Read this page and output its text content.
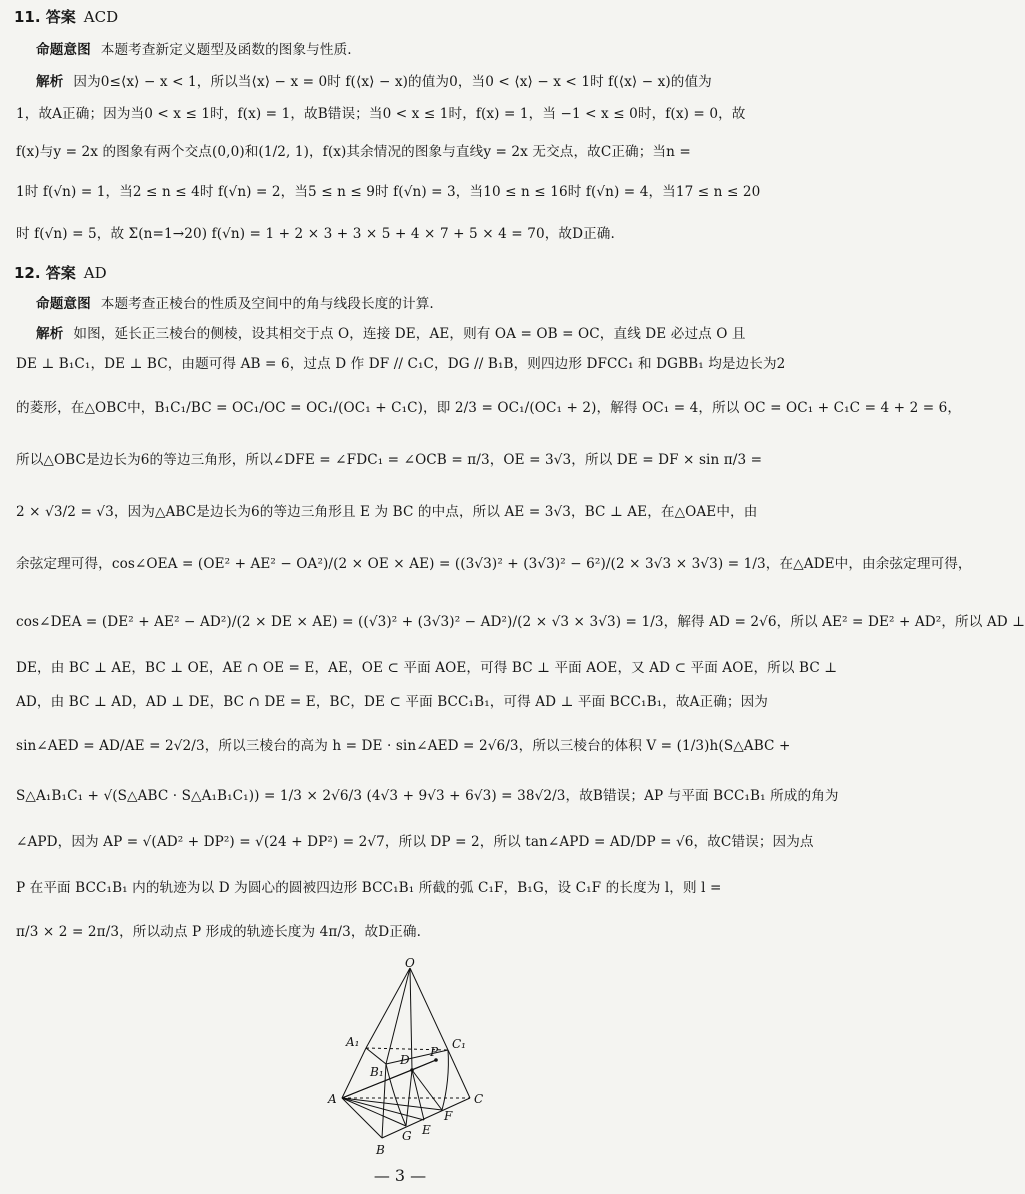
11. 答案 ACD
命题意图 本题考查新定义题型及函数的图象与性质.
解析 因为0≤⟨x⟩ − x < 1，所以当⟨x⟩ − x = 0时 f(⟨x⟩ − x)的值为0，当0 < ⟨x⟩ − x < 1时 f(⟨x⟩ − x)的值为
1，故A正确；因为当0 < x ≤ 1时，f(x) = 1，故B错误；当0 < x ≤ 1时，f(x) = 1，当 −1 < x ≤ 0时，f(x) = 0，故
f(x)与y = 2x 的图象有两个交点(0,0)和(1/2, 1)，f(x)其余情况的图象与直线y = 2x 无交点，故C正确；当n =
1时 f(√n) = 1，当2 ≤ n ≤ 4时 f(√n) = 2，当5 ≤ n ≤ 9时 f(√n) = 3，当10 ≤ n ≤ 16时 f(√n) = 4，当17 ≤ n ≤ 20
时 f(√n) = 5，故 Σ(n=1→20) f(√n) = 1 + 2 × 3 + 3 × 5 + 4 × 7 + 5 × 4 = 70，故D正确.
12. 答案 AD
命题意图 本题考查正棱台的性质及空间中的角与线段长度的计算.
解析 如图，延长正三棱台的侧棱，设其相交于点 O，连接 DE，AE，则有 OA = OB = OC，直线 DE 必过点 O 且
DE ⊥ B₁C₁，DE ⊥ BC，由题可得 AB = 6，过点 D 作 DF // C₁C，DG // B₁B，则四边形 DFCC₁ 和 DGBB₁ 均是边长为2
的菱形，在△OBC中，B₁C₁/BC = OC₁/OC = OC₁/(OC₁ + C₁C)，即 2/3 = OC₁/(OC₁ + 2)，解得 OC₁ = 4，所以 OC = OC₁ + C₁C = 4 + 2 = 6，
所以△OBC是边长为6的等边三角形，所以∠DFE = ∠FDC₁ = ∠OCB = π/3，OE = 3√3，所以 DE = DF × sin π/3 =
2 × √3/2 = √3，因为△ABC是边长为6的等边三角形且 E 为 BC 的中点，所以 AE = 3√3，BC ⊥ AE，在△OAE中，由
余弦定理可得，cos∠OEA = (OE² + AE² − OA²)/(2 × OE × AE) = ((3√3)² + (3√3)² − 6²)/(2 × 3√3 × 3√3) = 1/3，在△ADE中，由余弦定理可得，
cos∠DEA = (DE² + AE² − AD²)/(2 × DE × AE) = ((√3)² + (3√3)² − AD²)/(2 × √3 × 3√3) = 1/3，解得 AD = 2√6，所以 AE² = DE² + AD²，所以 AD ⊥
DE，由 BC ⊥ AE，BC ⊥ OE，AE ∩ OE = E，AE，OE ⊂ 平面 AOE，可得 BC ⊥ 平面 AOE，又 AD ⊂ 平面 AOE，所以 BC ⊥
AD，由 BC ⊥ AD，AD ⊥ DE，BC ∩ DE = E，BC，DE ⊂ 平面 BCC₁B₁，可得 AD ⊥ 平面 BCC₁B₁，故A正确；因为
sin∠AED = AD/AE = 2√2/3，所以三棱台的高为 h = DE · sin∠AED = 2√6/3，所以三棱台的体积 V = (1/3)h(S△ABC +
S△A₁B₁C₁ + √(S△ABC · S△A₁B₁C₁)) = 1/3 × 2√6/3 (4√3 + 9√3 + 6√3) = 38√2/3，故B错误；AP 与平面 BCC₁B₁ 所成的角为
∠APD，因为 AP = √(AD² + DP²) = √(24 + DP²) = 2√7，所以 DP = 2，所以 tan∠APD = AD/DP = √6，故C错误；因为点
P 在平面 BCC₁B₁ 内的轨迹为以 D 为圆心的圆被四边形 BCC₁B₁ 所截的弧 C₁F，B₁G，设 C₁F 的长度为 l，则 l =
π/3 × 2 = 2π/3，所以动点 P 形成的轨迹长度为 4π/3，故D正确.
O
A₁	C₁
B₁
D
P
A	C
F
G E
B
— 3 —
